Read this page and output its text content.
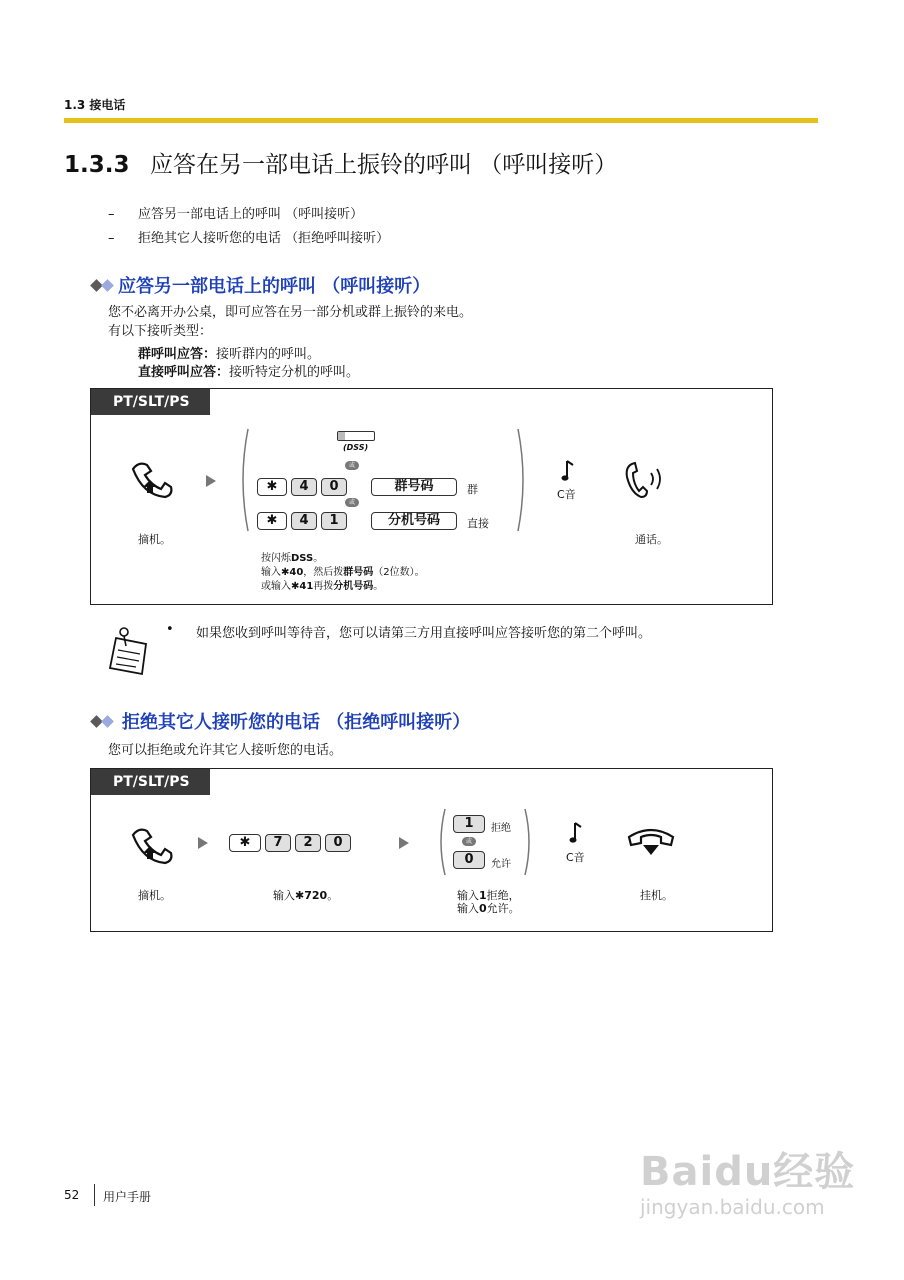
1.3 接电话
1.3.3 应答在另一部电话上振铃的呼叫 （呼叫接听）
– 应答另一部电话上的呼叫 （呼叫接听）
– 拒绝其它人接听您的电话 （拒绝呼叫接听）
应答另一部电话上的呼叫 （呼叫接听）
您不必离开办公桌，即可应答在另一部分机或群上振铃的来电。
有以下接听类型：
群呼叫应答：接听群内的呼叫。
直接呼叫应答：接听特定分机的呼叫。
PT/SLT/PS
摘机。
(DSS)
或
✱	4	0	群号码	群
或
✱	4	1	分机号码	直接
C音
通话。
按闪烁DSS。
输入✱40，然后拨群号码（2位数）。
或输入✱41再拨分机号码。
• 如果您收到呼叫等待音，您可以请第三方用直接呼叫应答接听您的第二个呼叫。
拒绝其它人接听您的电话 （拒绝呼叫接听）
您可以拒绝或允许其它人接听您的电话。
PT/SLT/PS
摘机。
✱	7	2	0
输入✱720。
1	拒绝
或
0	允许
输入1拒绝，
输入0允许。
C音
挂机。
52 用户手册
Baidu经验
jingyan.baidu.com
